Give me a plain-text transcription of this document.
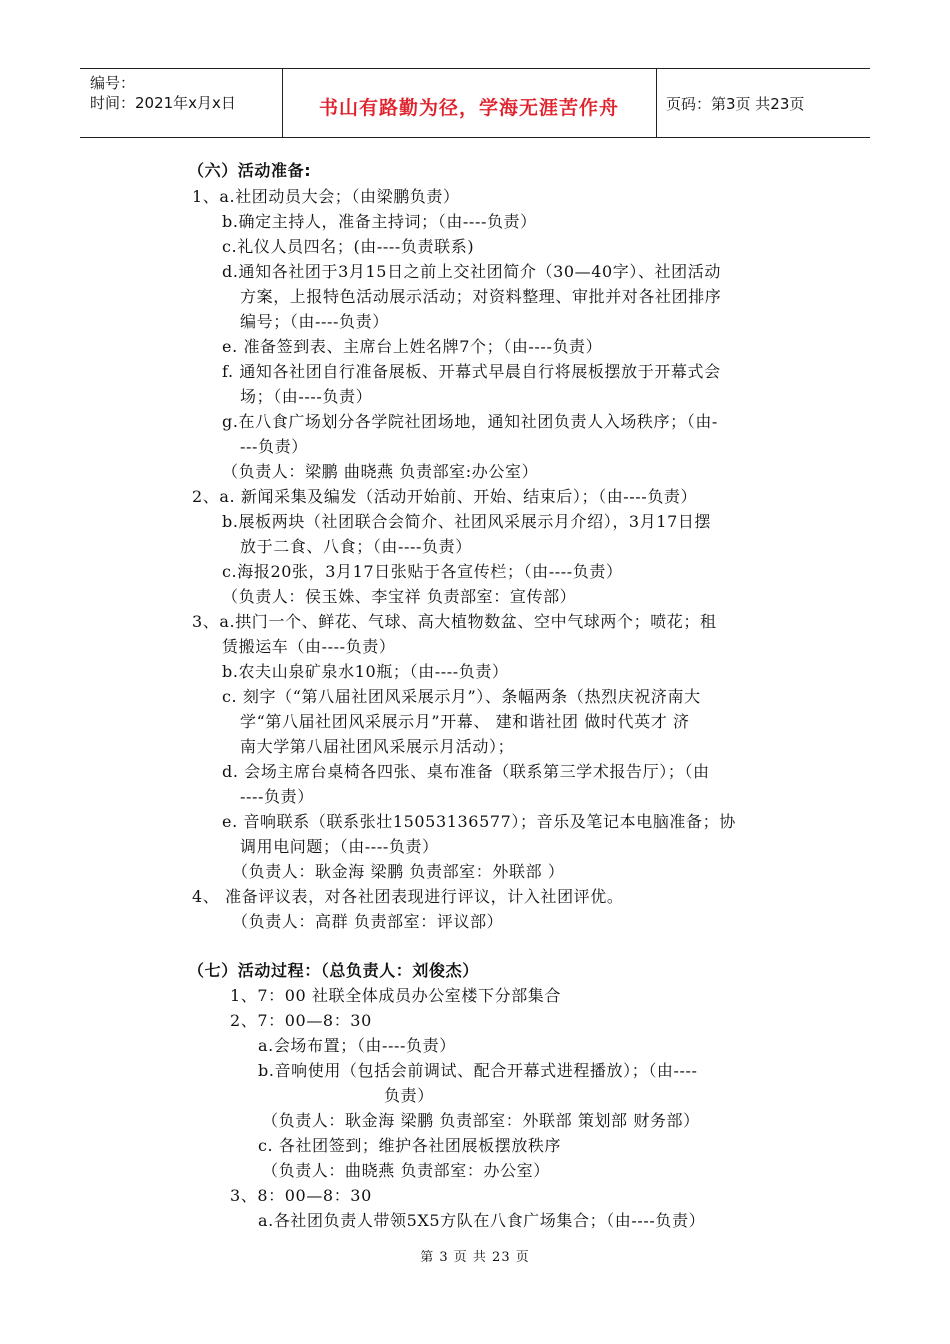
编号：
时间：2021年x月x日	书山有路勤为径，学海无涯苦作舟	页码：第3页 共23页
（六）活动准备:
1、a.社团动员大会；（由梁鹏负责）
b.确定主持人，准备主持词；（由----负责）
c.礼仪人员四名；(由----负责联系)
d.通知各社团于3月15日之前上交社团简介（30—40字）、社团活动
方案，上报特色活动展示活动；对资料整理、审批并对各社团排序
编号；（由----负责）
e. 准备签到表、主席台上姓名牌7个；（由----负责）
f. 通知各社团自行准备展板、开幕式早晨自行将展板摆放于开幕式会
场；（由----负责）
g.在八食广场划分各学院社团场地，通知社团负责人入场秩序；（由-
---负责）
（负责人：梁鹏 曲晓燕 负责部室:办公室）
2、a. 新闻采集及编发（活动开始前、开始、结束后）；（由----负责）
b.展板两块（社团联合会简介、社团风采展示月介绍），3月17日摆
放于二食、八食；（由----负责）
c.海报20张，3月17日张贴于各宣传栏；（由----负责）
（负责人：侯玉姝、李宝祥 负责部室：宣传部）
3、a.拱门一个、鲜花、气球、高大植物数盆、空中气球两个；喷花；租
赁搬运车（由----负责）
b.农夫山泉矿泉水10瓶；（由----负责）
c. 刻字（“第八届社团风采展示月”）、条幅两条（热烈庆祝济南大
学“第八届社团风采展示月”开幕、 建和谐社团 做时代英才 济
南大学第八届社团风采展示月活动）；
d. 会场主席台桌椅各四张、桌布准备（联系第三学术报告厅）；（由
----负责）
e. 音响联系（联系张壮15053136577）；音乐及笔记本电脑准备；协
调用电问题；（由----负责）
（负责人：耿金海 梁鹏 负责部室：外联部 ）
4、 准备评议表，对各社团表现进行评议，计入社团评优。
（负责人：高群 负责部室：评议部）
（七）活动过程：（总负责人：刘俊杰）
1、7：00 社联全体成员办公室楼下分部集合
2、7：00—8：30
a.会场布置；（由----负责）
b.音响使用（包括会前调试、配合开幕式进程播放）；（由----
负责）
（负责人：耿金海 梁鹏 负责部室：外联部 策划部 财务部）
c. 各社团签到；维护各社团展板摆放秩序
（负责人：曲晓燕 负责部室：办公室）
3、8：00—8：30
a.各社团负责人带领5X5方队在八食广场集合；（由----负责）
第 3 页 共 23 页
